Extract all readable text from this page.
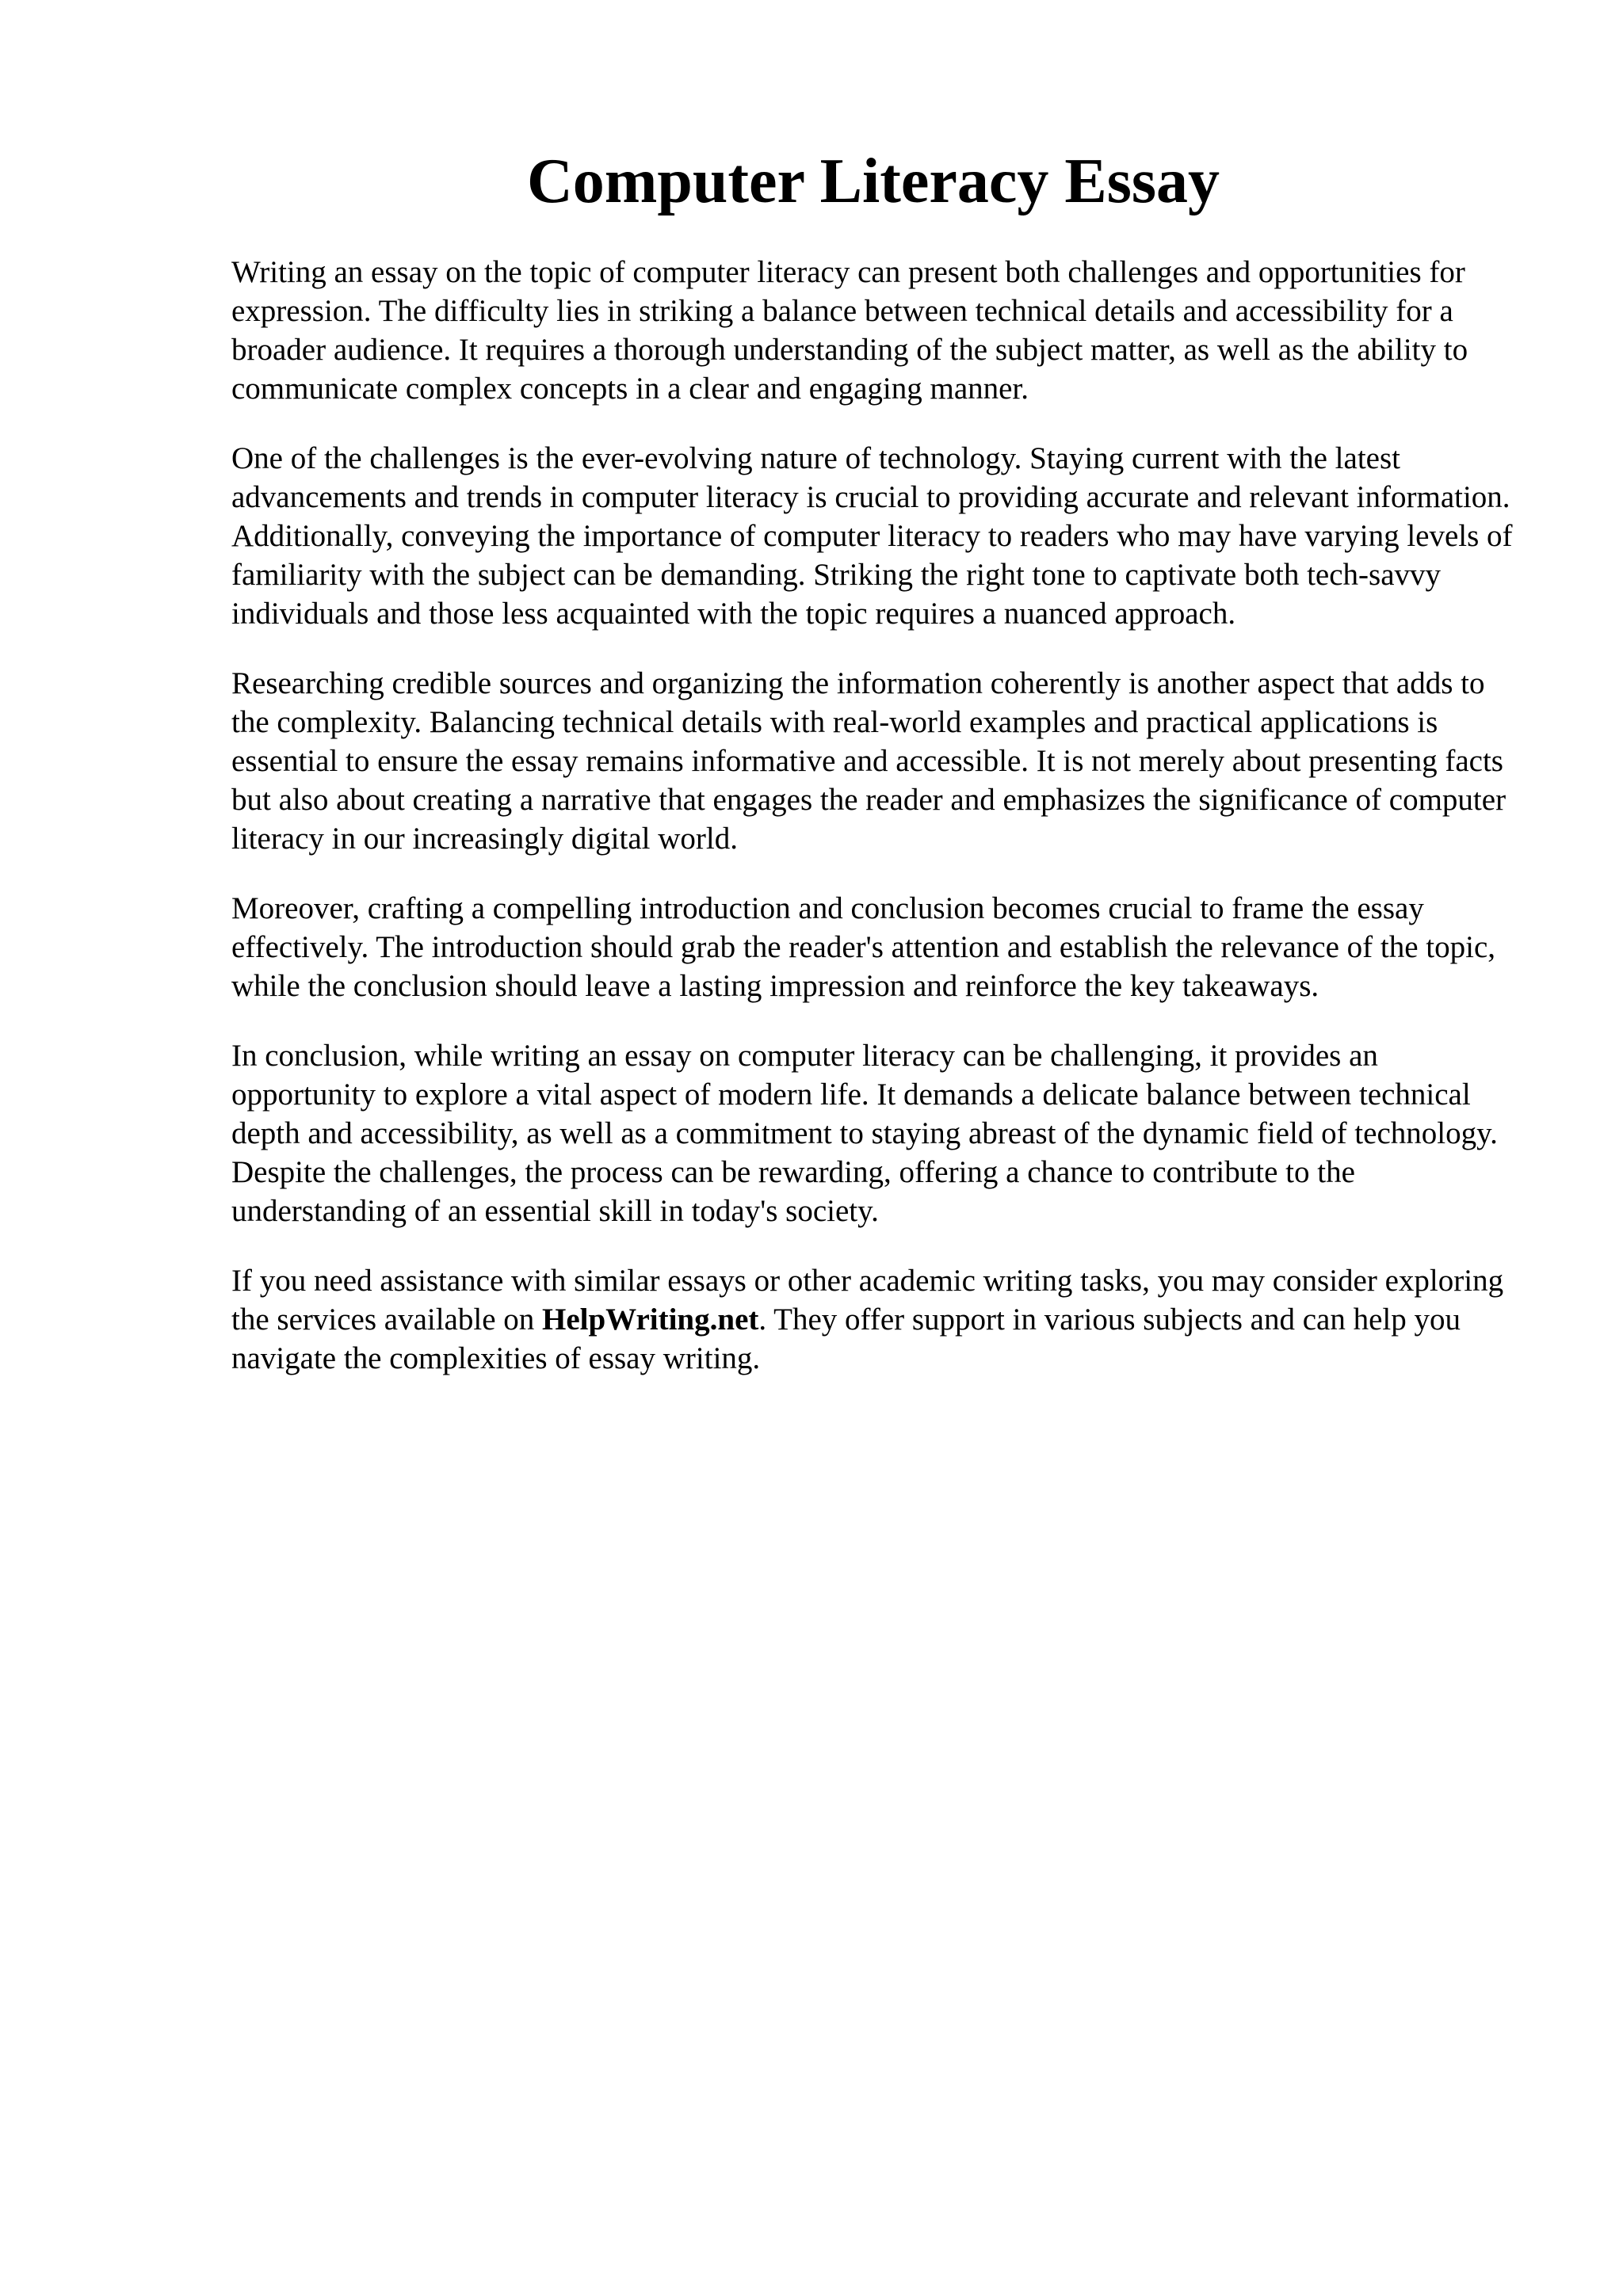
Computer Literacy Essay

Writing an essay on the topic of computer literacy can present both challenges and opportunities for expression. The difficulty lies in striking a balance between technical details and accessibility for a broader audience. It requires a thorough understanding of the subject matter, as well as the ability to communicate complex concepts in a clear and engaging manner.

One of the challenges is the ever-evolving nature of technology. Staying current with the latest advancements and trends in computer literacy is crucial to providing accurate and relevant information. Additionally, conveying the importance of computer literacy to readers who may have varying levels of familiarity with the subject can be demanding. Striking the right tone to captivate both tech-savvy individuals and those less acquainted with the topic requires a nuanced approach.

Researching credible sources and organizing the information coherently is another aspect that adds to the complexity. Balancing technical details with real-world examples and practical applications is essential to ensure the essay remains informative and accessible. It is not merely about presenting facts but also about creating a narrative that engages the reader and emphasizes the significance of computer literacy in our increasingly digital world.

Moreover, crafting a compelling introduction and conclusion becomes crucial to frame the essay effectively. The introduction should grab the reader's attention and establish the relevance of the topic, while the conclusion should leave a lasting impression and reinforce the key takeaways.

In conclusion, while writing an essay on computer literacy can be challenging, it provides an opportunity to explore a vital aspect of modern life. It demands a delicate balance between technical depth and accessibility, as well as a commitment to staying abreast of the dynamic field of technology. Despite the challenges, the process can be rewarding, offering a chance to contribute to the understanding of an essential skill in today's society.

If you need assistance with similar essays or other academic writing tasks, you may consider exploring the services available on HelpWriting.net. They offer support in various subjects and can help you navigate the complexities of essay writing.
